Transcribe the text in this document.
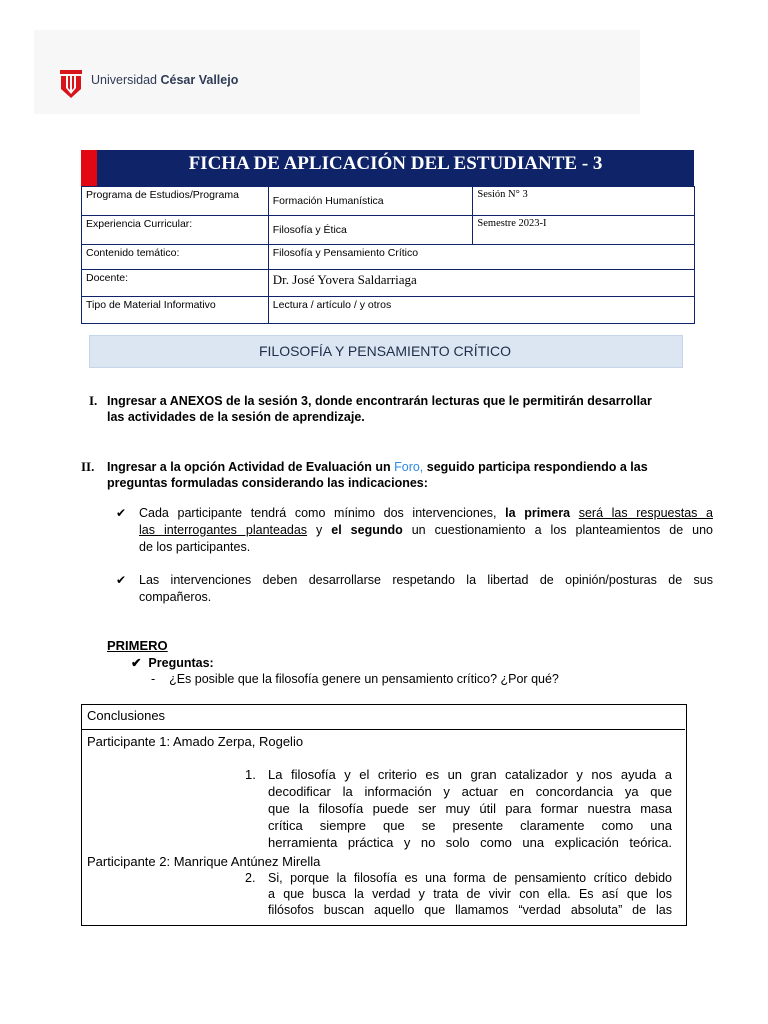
Universidad César Vallejo
FICHA DE APLICACIÓN DEL ESTUDIANTE - 3
Programa de Estudios/Programa	Formación Humanística	Sesión N° 3
Experiencia Curricular:	Filosofía y Ética	Semestre 2023-I
Contenido temático:	Filosofía y Pensamiento Crítico	
Docente:	Dr. José Yovera Saldarriaga	
Tipo de Material Informativo	Lectura / artículo / y otros	
FILOSOFÍA Y PENSAMIENTO CRÍTICO
I. Ingresar a ANEXOS de la sesión 3, donde encontrarán lecturas que le permitirán desarrollar
las actividades de la sesión de aprendizaje.
II. Ingresar a la opción Actividad de Evaluación un Foro, seguido participa respondiendo a las
preguntas formuladas considerando las indicaciones:
✔ Cada participante tendrá como mínimo dos intervenciones, la primera será las respuestas a
las interrogantes planteadas y el segundo un cuestionamiento a los planteamientos de uno
de los participantes.
✔ Las intervenciones deben desarrollarse respetando la libertad de opinión/posturas de sus
compañeros.
PRIMERO
✔  Preguntas:
-    ¿Es posible que la filosofía genere un pensamiento crítico? ¿Por qué?
Conclusiones
Participante 1: Amado Zerpa, Rogelio
1. La filosofía y el criterio es un gran catalizador y nos ayuda a
decodificar la información y actuar en concordancia ya que
que la filosofía puede ser muy útil para formar nuestra masa
crítica siempre que se presente claramente como una
herramienta práctica y no solo como una explicación teórica.
Participante 2: Manrique Antúnez Mirella
2. Si, porque la filosofía es una forma de pensamiento crítico debido
a que busca la verdad y trata de vivir con ella. Es así que los
filósofos buscan aquello que llamamos “verdad absoluta” de las
